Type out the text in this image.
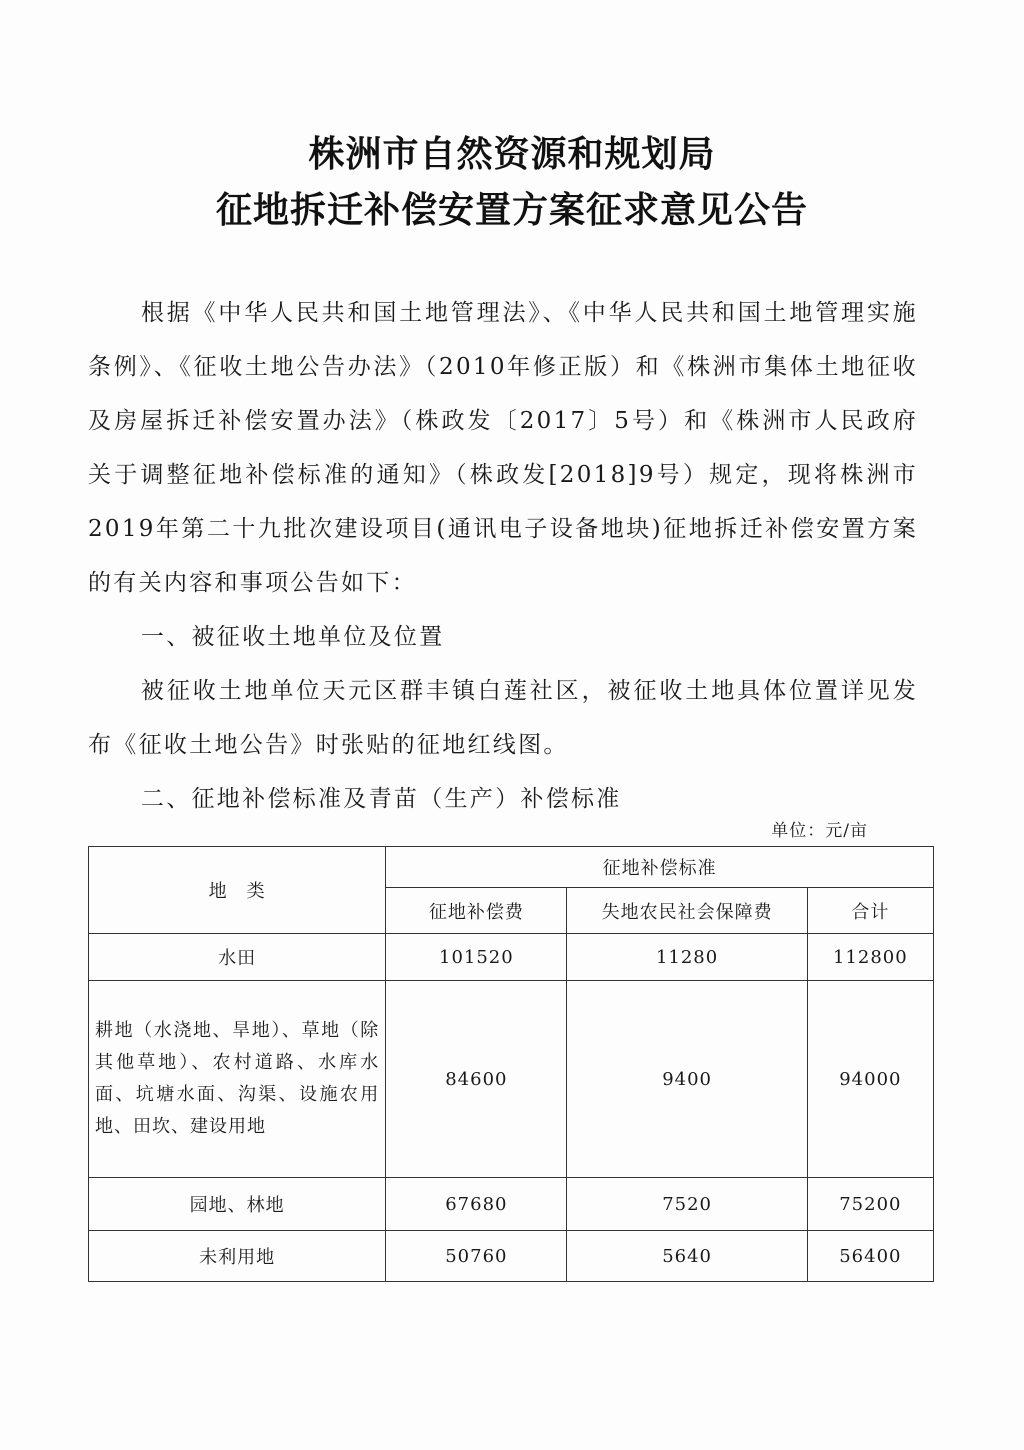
株洲市自然资源和规划局
征地拆迁补偿安置方案征求意见公告

根据《中华人民共和国土地管理法》、《中华人民共和国土地管理实施条例》、《征收土地公告办法》（2010年修正版）和《株洲市集体土地征收及房屋拆迁补偿安置办法》（株政发〔2017〕5号）和《株洲市人民政府关于调整征地补偿标准的通知》（株政发[2018]9号）规定，现将株洲市2019年第二十九批次建设项目(通讯电子设备地块)征地拆迁补偿安置方案的有关内容和事项公告如下：

一、被征收土地单位及位置

被征收土地单位天元区群丰镇白莲社区，被征收土地具体位置详见发布《征收土地公告》时张贴的征地红线图。

二、征地补偿标准及青苗（生产）补偿标准

单位：元/亩
地　类	征地补偿标准		
	征地补偿费	失地农民社会保障费	合计
水田	101520	11280	112800
耕地（水浇地、旱地）、草地（除其他草地）、农村道路、水库水面、坑塘水面、沟渠、设施农用地、田坎、建设用地	84600	9400	94000
园地、林地	67680	7520	75200
未利用地	50760	5640	56400
